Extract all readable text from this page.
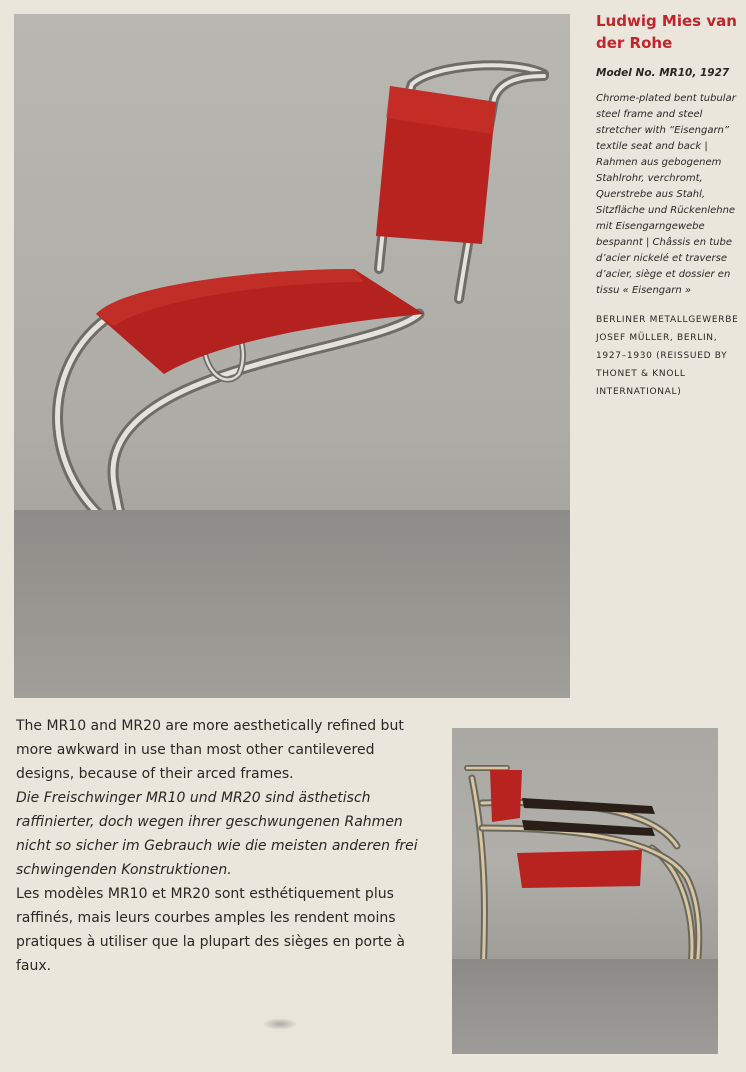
Ludwig Mies van der Rohe

Model No. MR10, 1927

Chrome-plated bent tubular steel frame and steel stretcher with “Eisengarn” textile seat and back | Rahmen aus gebogenem Stahlrohr, verchromt, Querstrebe aus Stahl, Sitzfläche und Rückenlehne mit Eisengarngewebe bespannt | Châssis en tube d’acier nickelé et traverse d’acier, siège et dossier en tissu « Eisengarn »

BERLINER METALLGEWERBE JOSEF MÜLLER, BERLIN, 1927–1930 (REISSUED BY THONET & KNOLL INTERNATIONAL)

The MR10 and MR20 are more aesthetically refined but more awkward in use than most other cantilevered designs, because of their arced frames.

Die Freischwinger MR10 und MR20 sind ästhetisch raffinierter, doch wegen ihrer geschwungenen Rahmen nicht so sicher im Gebrauch wie die meisten anderen frei schwingenden Konstruktionen.

Les modèles MR10 et MR20 sont esthétiquement plus raffinés, mais leurs courbes amples les rendent moins pratiques à utiliser que la plupart des sièges en porte à faux.
